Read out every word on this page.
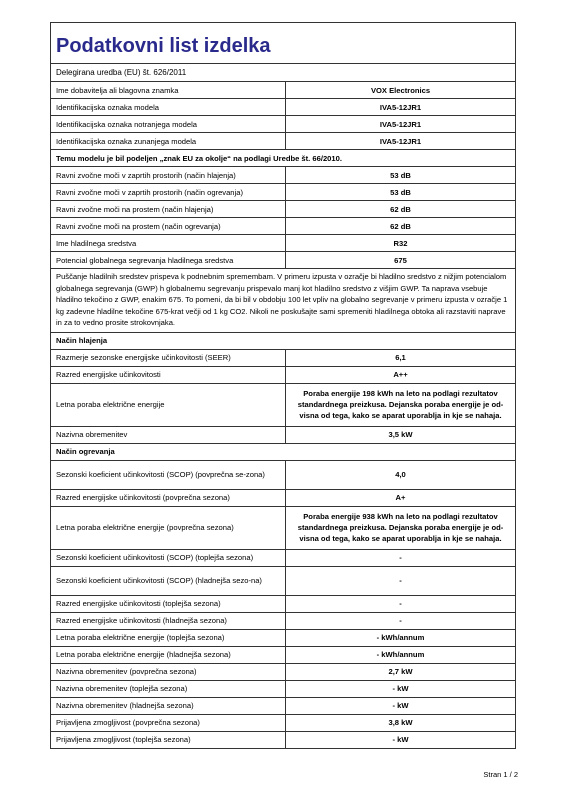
Podatkovni list izdelka
Delegirana uredba (EU) št. 626/2011
Ime dobavitelja ali blagovna znamka	VOX Electronics
Identifikacijska oznaka modela	IVA5-12JR1
Identifikacijska oznaka notranjega modela	IVA5-12JR1
Identifikacijska oznaka zunanjega modela	IVA5-12JR1
Temu modelu je bil podeljen „znak EU za okolje“ na podlagi Uredbe št. 66/2010.	
Ravni zvočne moči v zaprtih prostorih (način hlajenja)	53 dB
Ravni zvočne moči v zaprtih prostorih (način ogrevanja)	53 dB
Ravni zvočne moči na prostem (način hlajenja)	62 dB
Ravni zvočne moči na prostem (način ogrevanja)	62 dB
Ime hladilnega sredstva	R32
Potencial globalnega segrevanja hladilnega sredstva	675
Puščanje hladilnih sredstev prispeva k podnebnim spremembam. V primeru izpusta v ozračje bi hladilno sredstvo z nižjim potencialom globalnega segrevanja (GWP) h globalnemu segrevanju prispevalo manj kot hladilno sredstvo z višjim GWP. Ta naprava vsebuje hladilno tekočino z GWP, enakim 675. To pomeni, da bi bil v obdobju 100 let vpliv na globalno segrevanje v primeru izpusta v ozračje 1 kg zadevne hladilne tekočine 675-krat večji od 1 kg CO2. Nikoli ne poskušajte sami spremeniti hladilnega obtoka ali razstaviti naprave in za to vedno prosite strokovnjaka.	
Način hlajenja	
Razmerje sezonske energijske učinkovitosti (SEER)	6,1
Razred energijske učinkovitosti	A++
Letna poraba električne energije	Poraba energije 198 kWh na leto na podlagi rezultatov standardnega preizkusa. Dejanska poraba energije je od-visna od tega, kako se aparat uporablja in kje se nahaja.
Nazivna obremenitev	3,5 kW
Način ogrevanja	
Sezonski koeficient učinkovitosti (SCOP) (povprečna se-zona)	4,0
Razred energijske učinkovitosti (povprečna sezona)	A+
Letna poraba električne energije (povprečna sezona)	Poraba energije 938 kWh na leto na podlagi rezultatov standardnega preizkusa. Dejanska poraba energije je od-visna od tega, kako se aparat uporablja in kje se nahaja.
Sezonski koeficient učinkovitosti (SCOP) (toplejša sezona)	-
Sezonski koeficient učinkovitosti (SCOP) (hladnejša sezo-na)	-
Razred energijske učinkovitosti (toplejša sezona)	-
Razred energijske učinkovitosti (hladnejša sezona)	-
Letna poraba električne energije (toplejša sezona)	- kWh/annum
Letna poraba električne energije (hladnejša sezona)	- kWh/annum
Nazivna obremenitev (povprečna sezona)	2,7 kW
Nazivna obremenitev (toplejša sezona)	- kW
Nazivna obremenitev (hladnejša sezona)	- kW
Prijavljena zmogljivost (povprečna sezona)	3,8 kW
Prijavljena zmogljivost (toplejša sezona)	- kW
Stran 1 / 2
